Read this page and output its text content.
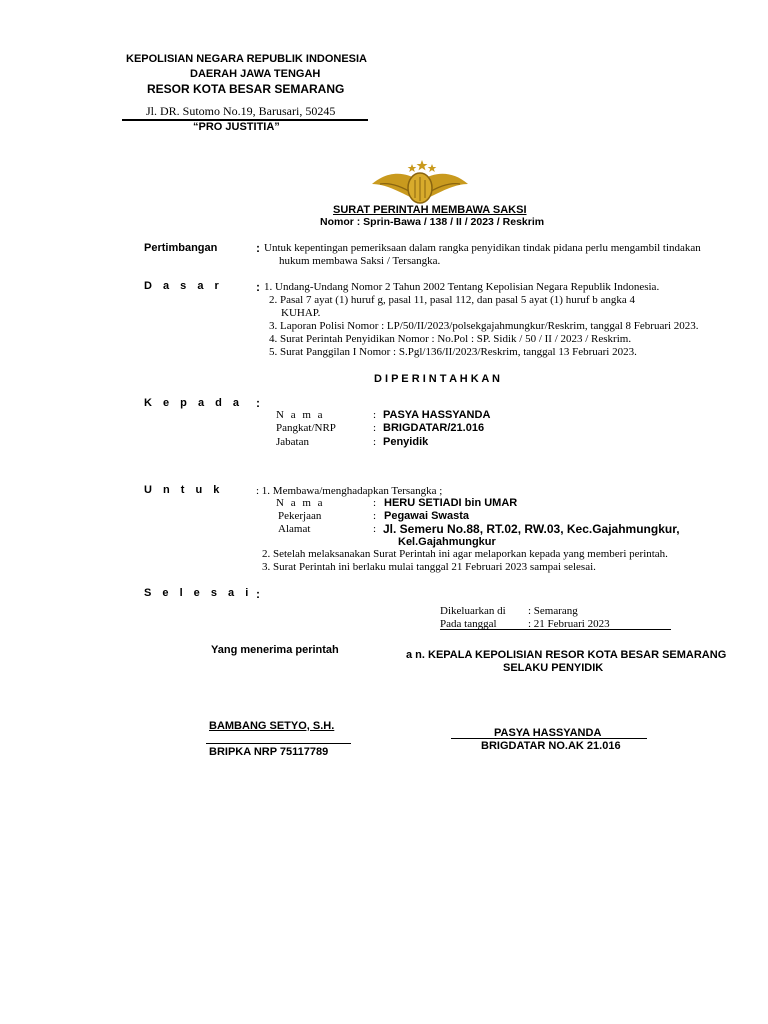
KEPOLISIAN NEGARA REPUBLIK INDONESIA
DAERAH JAWA TENGAH
RESOR KOTA BESAR SEMARANG
Jl. DR. Sutomo No.19, Barusari, 50245
“PRO JUSTITIA”
SURAT PERINTAH MEMBAWA SAKSI
Nomor : Sprin-Bawa / 138 / II / 2023 / Reskrim
Pertimbangan	: Untuk kepentingan pemeriksaan dalam rangka penyidikan tindak pidana perlu mengambil tindakan
hukum membawa Saksi / Tersangka.
D a s a r	: 1. Undang-Undang Nomor 2 Tahun 2002 Tentang Kepolisian Negara Republik Indonesia.
2. Pasal 7 ayat (1) huruf g, pasal 11, pasal 112, dan pasal 5 ayat (1) huruf b angka 4
KUHAP.
3. Laporan Polisi Nomor : LP/50/II/2023/polsekgajahmungkur/Reskrim, tanggal 8 Februari 2023.
4. Surat Perintah Penyidikan Nomor : No.Pol : SP. Sidik / 50 / II / 2023 / Reskrim.
5. Surat Panggilan I Nomor : S.Pgl/136/II/2023/Reskrim, tanggal 13 Februari 2023.
D I P E R I N T A H K A N
K e p a d a :
N a m a	: PASYA HASSYANDA
Pangkat/NRP	: BRIGDATAR/21.016
Jabatan	: Penyidik
U n t u k	: 1. Membawa/menghadapkan Tersangka ;
N a m a	: HERU SETIADI bin UMAR
Pekerjaan	: Pegawai Swasta
Alamat	: Jl. Semeru No.88, RT.02, RW.03, Kec.Gajahmungkur,
Kel.Gajahmungkur
2. Setelah melaksanakan Surat Perintah ini agar melaporkan kepada yang memberi perintah.
3. Surat Perintah ini berlaku mulai tanggal 21 Februari 2023 sampai selesai.
S e l e s a i :
Dikeluarkan di : Semarang
Pada tanggal	: 21 Februari 2023
Yang menerima perintah	a n. KEPALA KEPOLISIAN RESOR KOTA BESAR SEMARANG
SELAKU PENYIDIK
BAMBANG SETYO, S.H.
BRIPKA NRP 75117789
PASYA HASSYANDA
BRIGDATAR NO.AK 21.016
